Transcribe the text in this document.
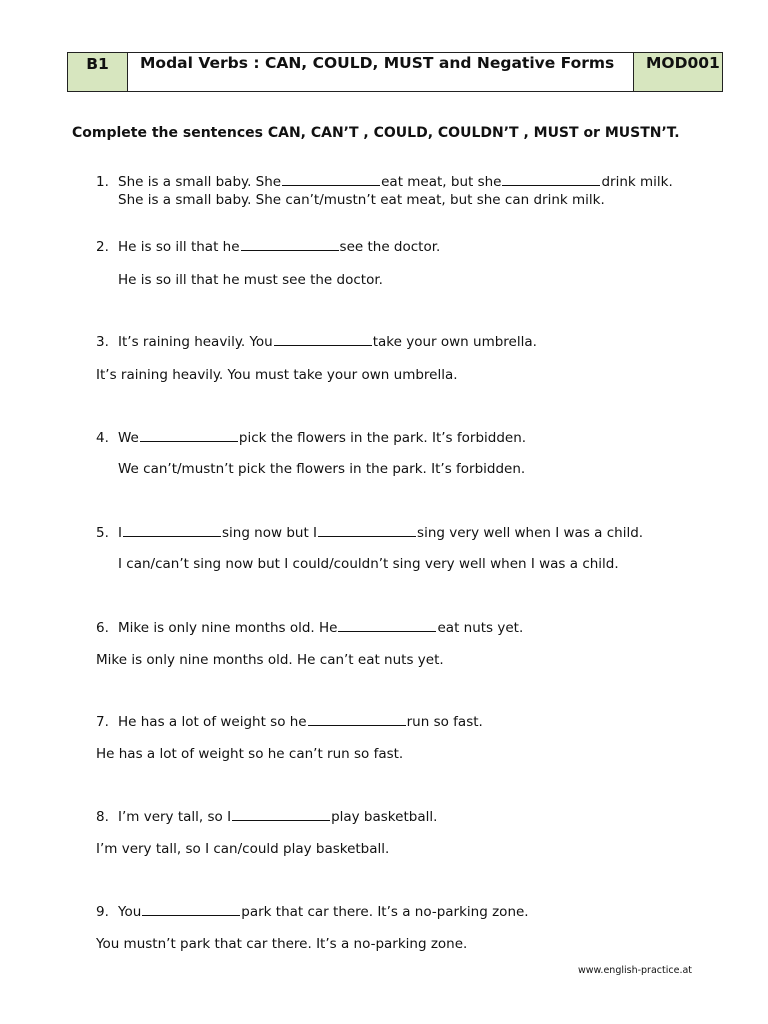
B1	Modal Verbs : CAN, COULD, MUST and Negative Forms	MOD001

Complete the sentences CAN, CAN’T , COULD, COULDN’T , MUST or MUSTN’T.

1. She is a small baby. She	eat meat, but she	drink milk.
She is a small baby. She can’t/mustn’t eat meat, but she can drink milk.
2. He is so ill that he	see the doctor.
He is so ill that he must see the doctor.
3. It’s raining heavily. You	take your own umbrella.
It’s raining heavily. You must take your own umbrella.
4. We	pick the flowers in the park. It’s forbidden.
We can’t/mustn’t pick the flowers in the park. It’s forbidden.
5. I	sing now but I	sing very well when I was a child.
I can/can’t sing now but I could/couldn’t sing very well when I was a child.
6. Mike is only nine months old. He	eat nuts yet.
Mike is only nine months old. He can’t eat nuts yet.
7. He has a lot of weight so he	run so fast.
He has a lot of weight so he can’t run so fast.
8. I’m very tall, so I	play basketball.
I’m very tall, so I can/could play basketball.
9. You	park that car there. It’s a no-parking zone.
You mustn’t park that car there. It’s a no-parking zone.
www.english-practice.at
